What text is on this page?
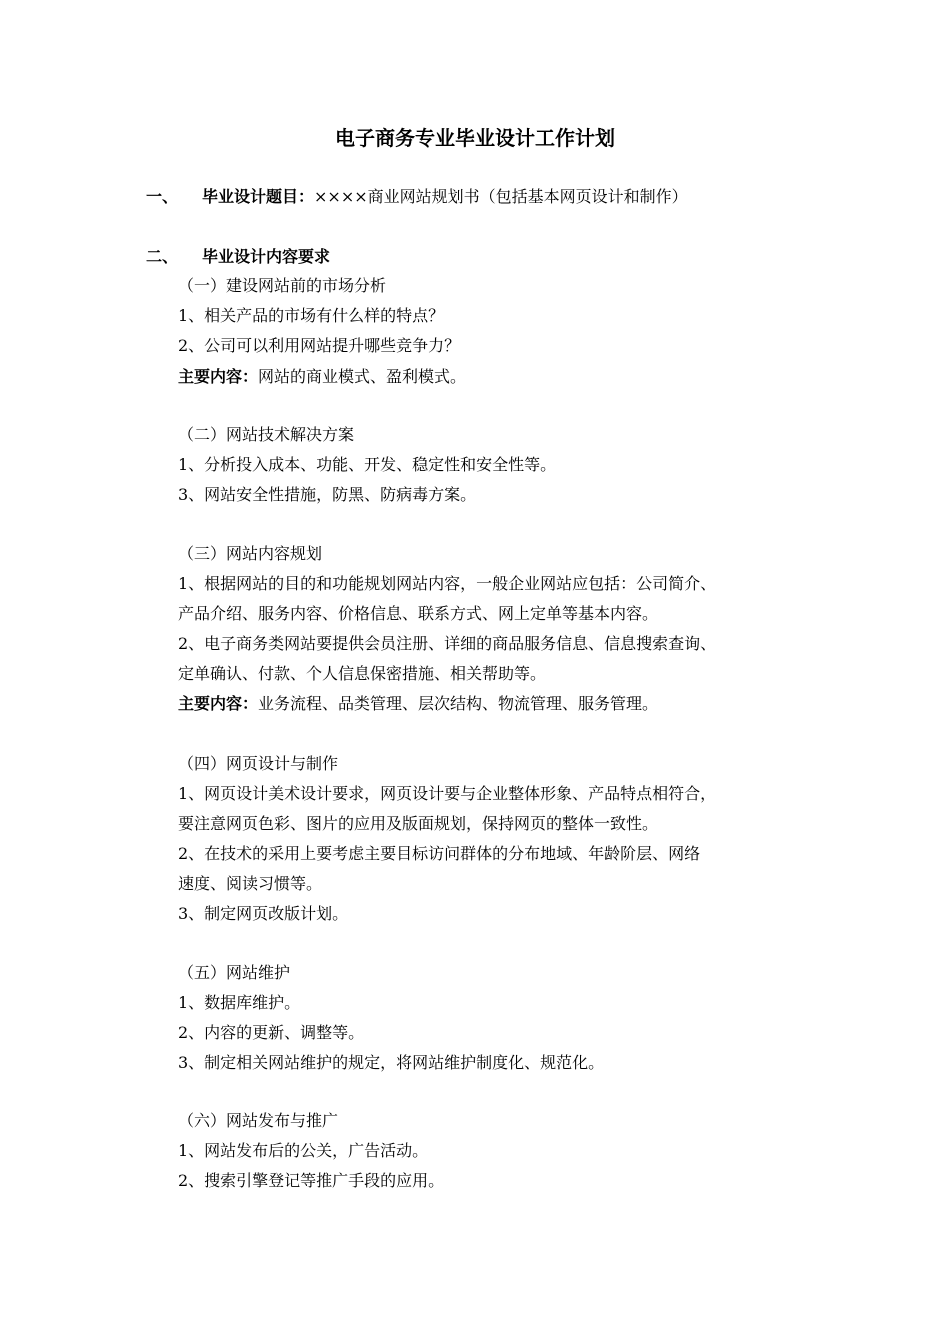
电子商务专业毕业设计工作计划
一、 毕业设计题目：××××商业网站规划书（包括基本网页设计和制作）
二、 毕业设计内容要求
（一）建设网站前的市场分析
1、相关产品的市场有什么样的特点？
2、公司可以利用网站提升哪些竞争力？
主要内容：网站的商业模式、盈利模式。
（二）网站技术解决方案
1、分析投入成本、功能、开发、稳定性和安全性等。
3、网站安全性措施，防黑、防病毒方案。
（三）网站内容规划
1、根据网站的目的和功能规划网站内容，一般企业网站应包括：公司简介、
产品介绍、服务内容、价格信息、联系方式、网上定单等基本内容。
2、电子商务类网站要提供会员注册、详细的商品服务信息、信息搜索查询、
定单确认、付款、个人信息保密措施、相关帮助等。
主要内容：业务流程、品类管理、层次结构、物流管理、服务管理。
（四）网页设计与制作
1、网页设计美术设计要求，网页设计要与企业整体形象、产品特点相符合，
要注意网页色彩、图片的应用及版面规划，保持网页的整体一致性。
2、在技术的采用上要考虑主要目标访问群体的分布地域、年龄阶层、网络
速度、阅读习惯等。
3、制定网页改版计划。
（五）网站维护
1、数据库维护。
2、内容的更新、调整等。
3、制定相关网站维护的规定，将网站维护制度化、规范化。
（六）网站发布与推广
1、网站发布后的公关，广告活动。
2、搜索引擎登记等推广手段的应用。
